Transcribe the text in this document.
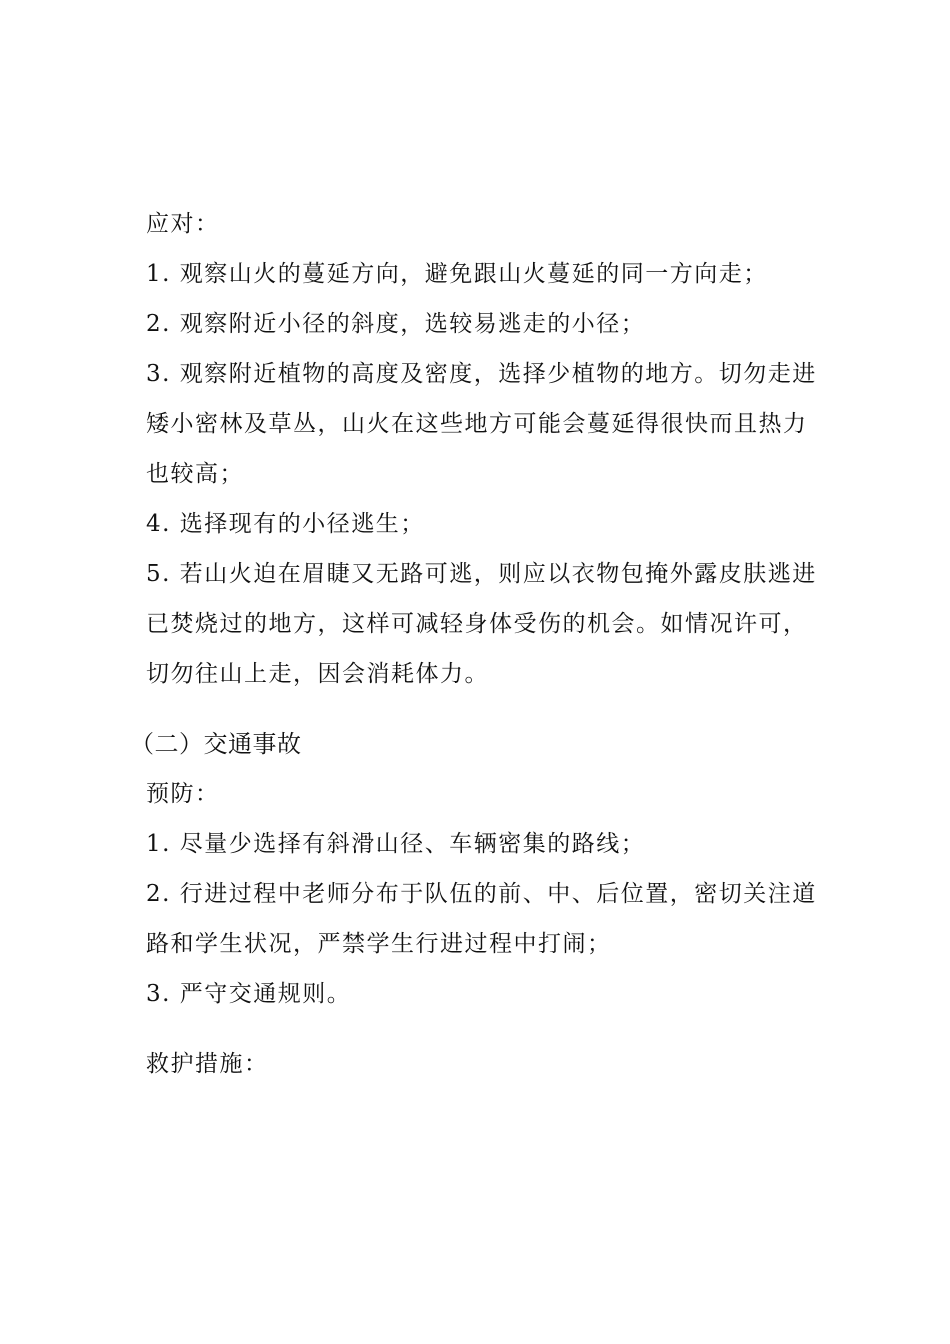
应对：
1. 观察山火的蔓延方向，避免跟山火蔓延的同一方向走；
2. 观察附近小径的斜度，选较易逃走的小径；
3. 观察附近植物的高度及密度，选择少植物的地方。切勿走进
矮小密林及草丛，山火在这些地方可能会蔓延得很快而且热力
也较高；
4. 选择现有的小径逃生；
5. 若山火迫在眉睫又无路可逃，则应以衣物包掩外露皮肤逃进
已焚烧过的地方，这样可减轻身体受伤的机会。如情况许可，
切勿往山上走，因会消耗体力。
（二）交通事故
预防：
1. 尽量少选择有斜滑山径、车辆密集的路线；
2. 行进过程中老师分布于队伍的前、中、后位置，密切关注道
路和学生状况，严禁学生行进过程中打闹；
3. 严守交通规则。
救护措施：
